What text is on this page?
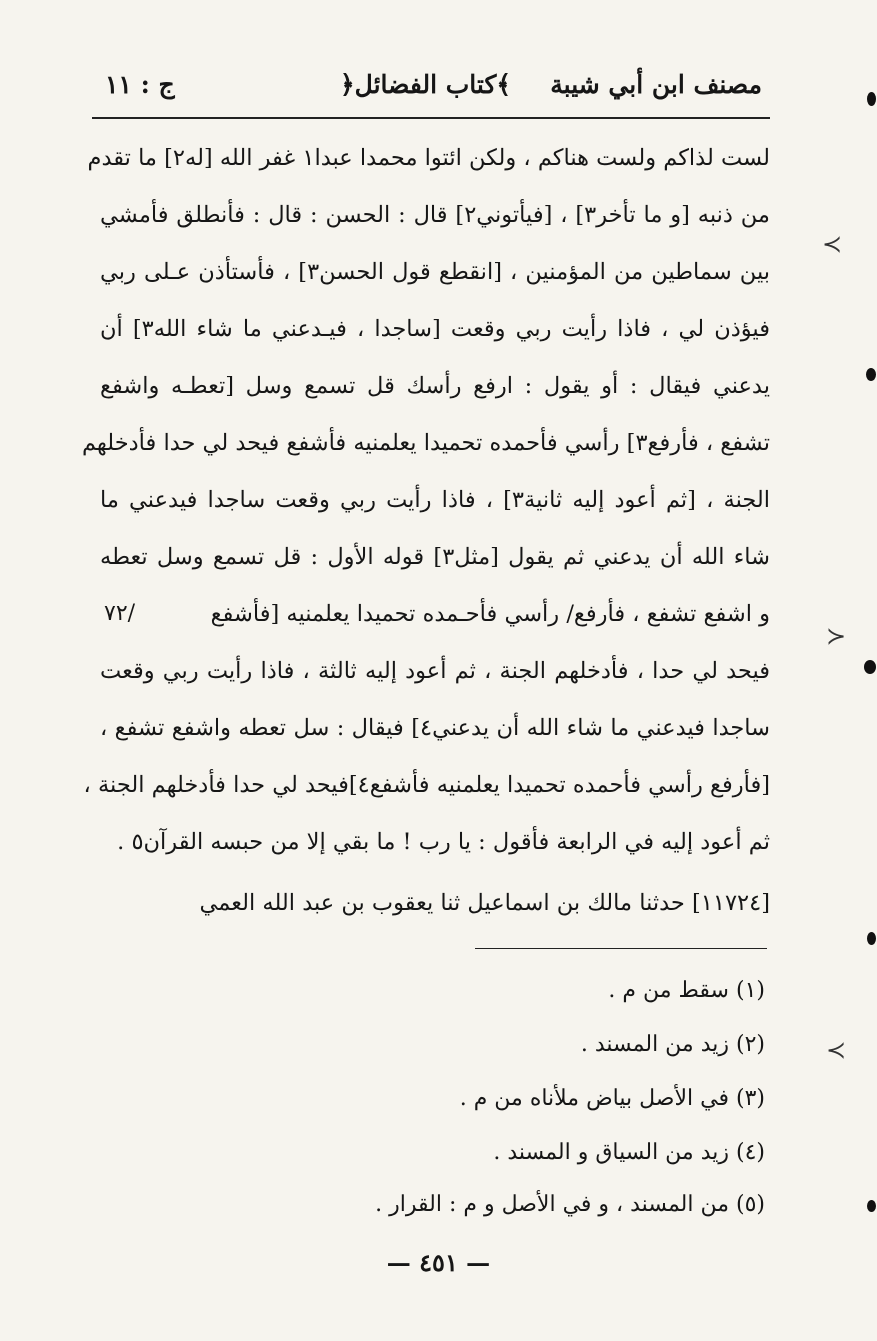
مصنف ابن أبي شيبة
﴿كتاب الفضائل﴾
ج : ١١
لست لذاكم ولست هناكم ، ولكن ائتوا محمدا عبدا١ غفر الله [له٢] ما تقدم
من ذنبه [و ما تأخر٣] ، [فيأتوني٢] قال : الحسن : قال : فأنطلق فأمشي
بين سماطين من المؤمنين ، [انقطع قول الحسن٣] ، فأستأذن عـلى ربي
فيؤذن لي ، فاذا رأيت ربي وقعت [ساجدا ، فيـدعني ما شاء الله٣] أن
يدعني فيقال : أو يقول : ارفع رأسك قل تسمع وسل [تعطـه واشفع
تشفع ، فأرفع٣] رأسي فأحمده تحميدا يعلمنيه فأشفع فيحد لي حدا فأدخلهم
الجنة ، [ثم أعود إليه ثانية٣] ، فاذا رأيت ربي وقعت ساجدا فيدعني ما
شاء الله أن يدعني ثم يقول [مثل٣] قوله الأول : قل تسمع وسل تعطه
و اشفع تشفع ، فأرفع/ رأسي فأحـمده تحميدا يعلمنيه [فأشفع
٧٢/
فيحد لي حدا ، فأدخلهم الجنة ، ثم أعود إليه ثالثة ، فاذا رأيت ربي وقعت
ساجدا فيدعني ما شاء الله أن يدعني٤] فيقال : سل تعطه واشفع تشفع ،
[فأرفع رأسي فأحمده تحميدا يعلمنيه فأشفع٤]فيحد لي حدا فأدخلهم الجنة ،
ثم أعود إليه في الرابعة فأقول : يا رب ! ما بقي إلا من حبسه القرآن٥ .
[١١٧٢٤] حدثنا مالك بن اسماعيل ثنا يعقوب بن عبد الله العمي
(١) سقط من م .
(٢) زيد من المسند .
(٣) في الأصل بياض ملأناه من م .
(٤) زيد من السياق و المسند .
(٥) من المسند ، و في الأصل و م : القرار .
— ٤٥١ —
≺
≻
≺
